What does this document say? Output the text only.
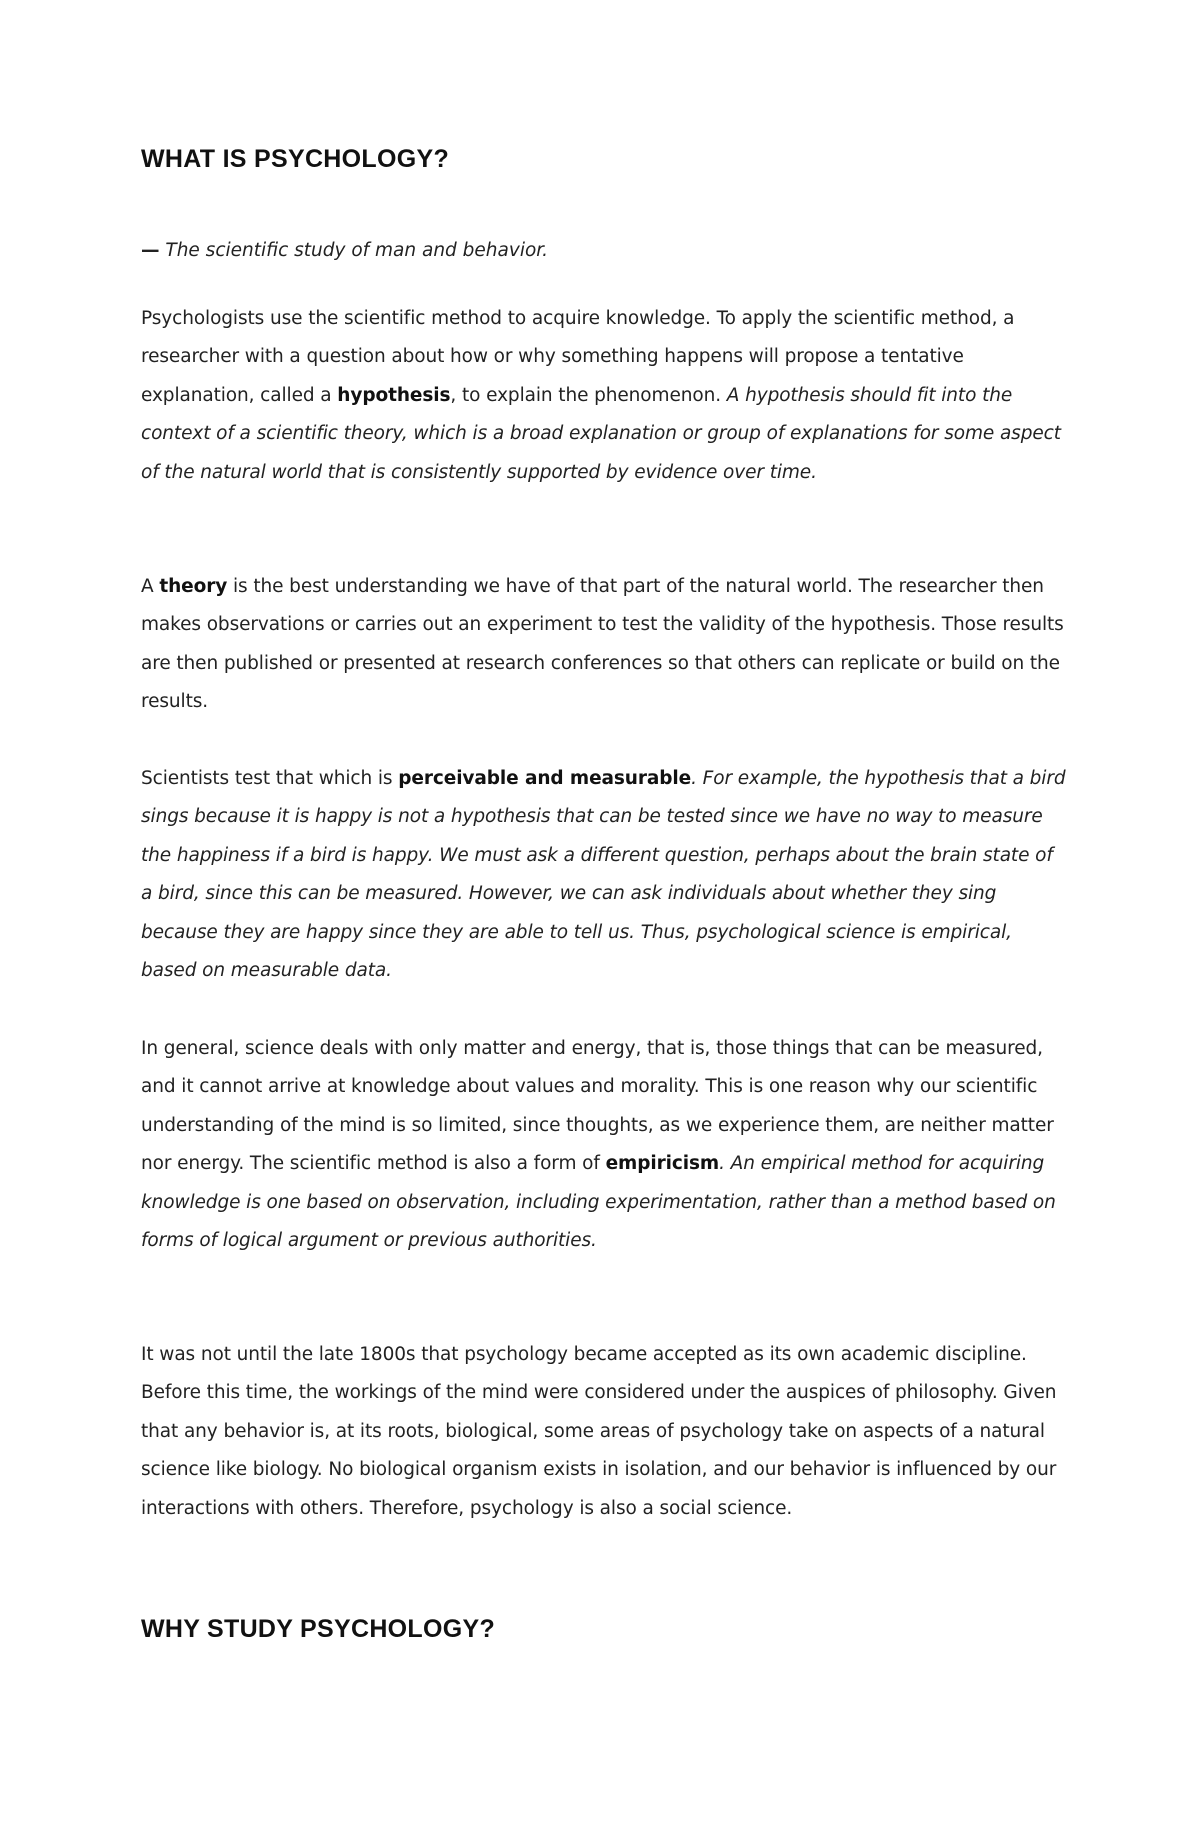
WHAT IS PSYCHOLOGY?

— The scientific study of man and behavior.

Psychologists use the scientific method to acquire knowledge. To apply the scientific method, a researcher with a question about how or why something happens will propose a tentative explanation, called a hypothesis, to explain the phenomenon. A hypothesis should fit into the context of a scientific theory, which is a broad explanation or group of explanations for some aspect of the natural world that is consistently supported by evidence over time.

A theory is the best understanding we have of that part of the natural world. The researcher then makes observations or carries out an experiment to test the validity of the hypothesis. Those results are then published or presented at research conferences so that others can replicate or build on the results.

Scientists test that which is perceivable and measurable. For example, the hypothesis that a bird sings because it is happy is not a hypothesis that can be tested since we have no way to measure the happiness if a bird is happy. We must ask a different question, perhaps about the brain state of a bird, since this can be measured. However, we can ask individuals about whether they sing because they are happy since they are able to tell us. Thus, psychological science is empirical, based on measurable data.

In general, science deals with only matter and energy, that is, those things that can be measured, and it cannot arrive at knowledge about values and morality. This is one reason why our scientific understanding of the mind is so limited, since thoughts, as we experience them, are neither matter nor energy. The scientific method is also a form of empiricism. An empirical method for acquiring knowledge is one based on observation, including experimentation, rather than a method based on forms of logical argument or previous authorities.

It was not until the late 1800s that psychology became accepted as its own academic discipline. Before this time, the workings of the mind were considered under the auspices of philosophy. Given that any behavior is, at its roots, biological, some areas of psychology take on aspects of a natural science like biology. No biological organism exists in isolation, and our behavior is influenced by our interactions with others. Therefore, psychology is also a social science.

WHY STUDY PSYCHOLOGY?
